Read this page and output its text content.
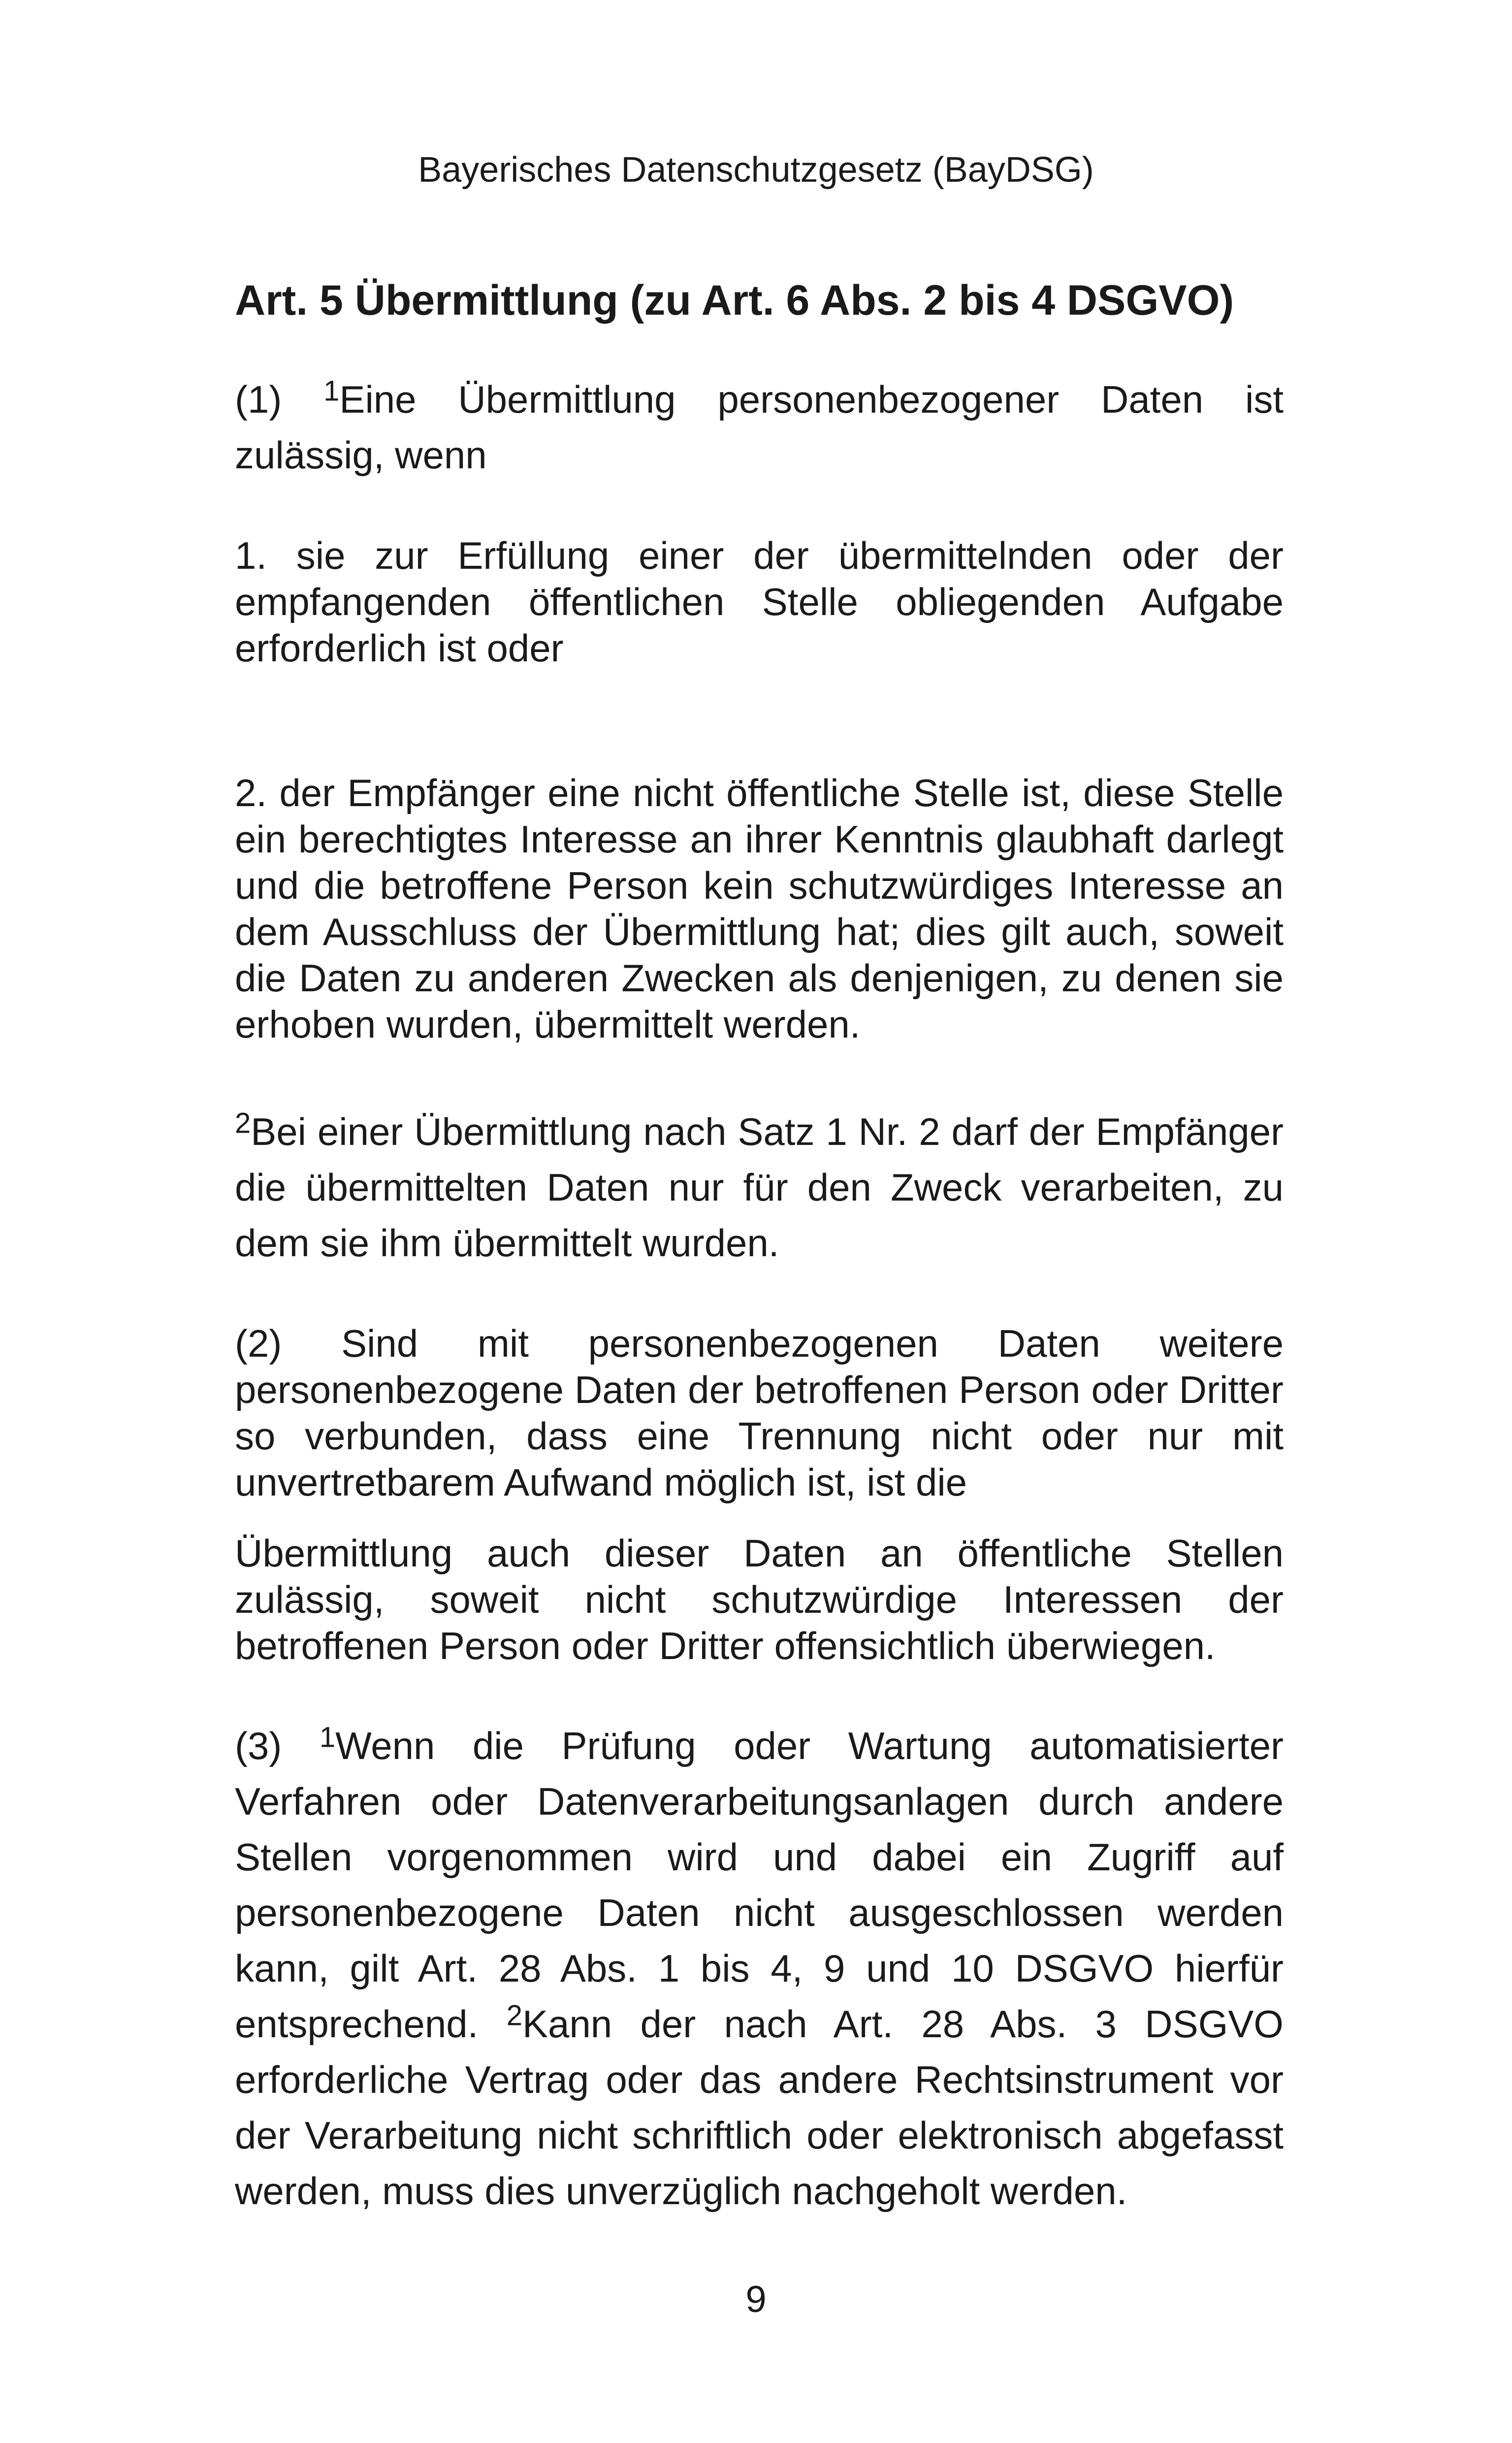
Bayerisches Datenschutzgesetz (BayDSG)
Art. 5 Übermittlung (zu Art. 6 Abs. 2 bis 4 DSGVO)

(1) $^1$Eine Übermittlung personenbezogener Daten ist zulässig, wenn

1. sie zur Erfüllung einer der übermittelnden oder der empfangenden öffentlichen Stelle obliegenden Aufgabe erforderlich ist oder

2. der Empfänger eine nicht öffentliche Stelle ist, diese Stelle ein berechtigtes Interesse an ihrer Kenntnis glaubhaft darlegt und die betroffene Person kein schutzwürdiges Interesse an dem Ausschluss der Übermittlung hat; dies gilt auch, soweit die Daten zu anderen Zwecken als denjenigen, zu denen sie erhoben wurden, übermittelt werden.

$^2$Bei einer Übermittlung nach Satz 1 Nr. 2 darf der Empfänger die übermittelten Daten nur für den Zweck verarbeiten, zu dem sie ihm übermittelt wurden.

(2) Sind mit personenbezogenen Daten weitere personenbezogene Daten der betroffenen Person oder Dritter so verbunden, dass eine Trennung nicht oder nur mit unvertretbarem Aufwand möglich ist, ist die

Übermittlung auch dieser Daten an öffentliche Stellen zulässig, soweit nicht schutzwürdige Interessen der betroffenen Person oder Dritter offensichtlich überwiegen.

(3) $^1$Wenn die Prüfung oder Wartung automatisierter Verfahren oder Datenverarbeitungsanlagen durch andere Stellen vorgenommen wird und dabei ein Zugriff auf personenbezogene Daten nicht ausgeschlossen werden kann, gilt Art. 28 Abs. 1 bis 4, 9 und 10 DSGVO hierfür entsprechend. $^2$Kann der nach Art. 28 Abs. 3 DSGVO erforderliche Vertrag oder das andere Rechtsinstrument vor der Verarbeitung nicht schriftlich oder elektronisch abgefasst werden, muss dies unverzüglich nachgeholt werden.

9
